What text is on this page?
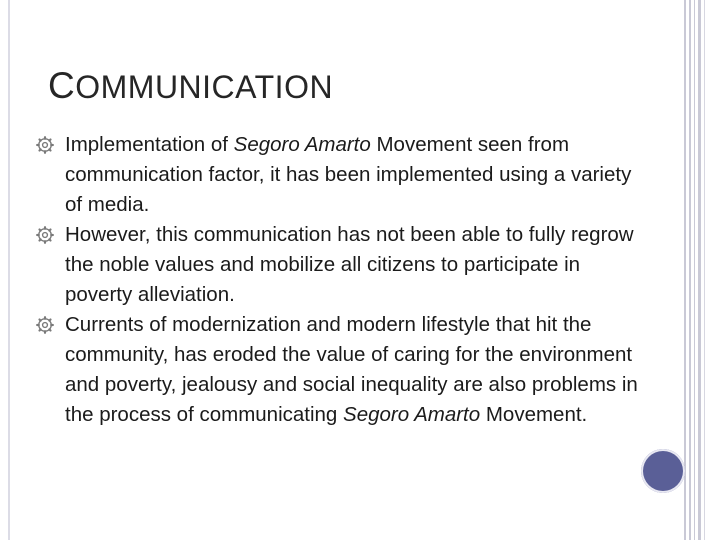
COMMUNICATION
Implementation of Segoro Amarto Movement seen from communication factor, it has been implemented using a variety of media.
However, this communication has not been able to fully regrow the noble values and mobilize all citizens to participate in poverty alleviation.
Currents of modernization and modern lifestyle that hit the community, has eroded the value of caring for the environment and poverty, jealousy and social inequality are also problems in the process of communicating Segoro Amarto Movement.
